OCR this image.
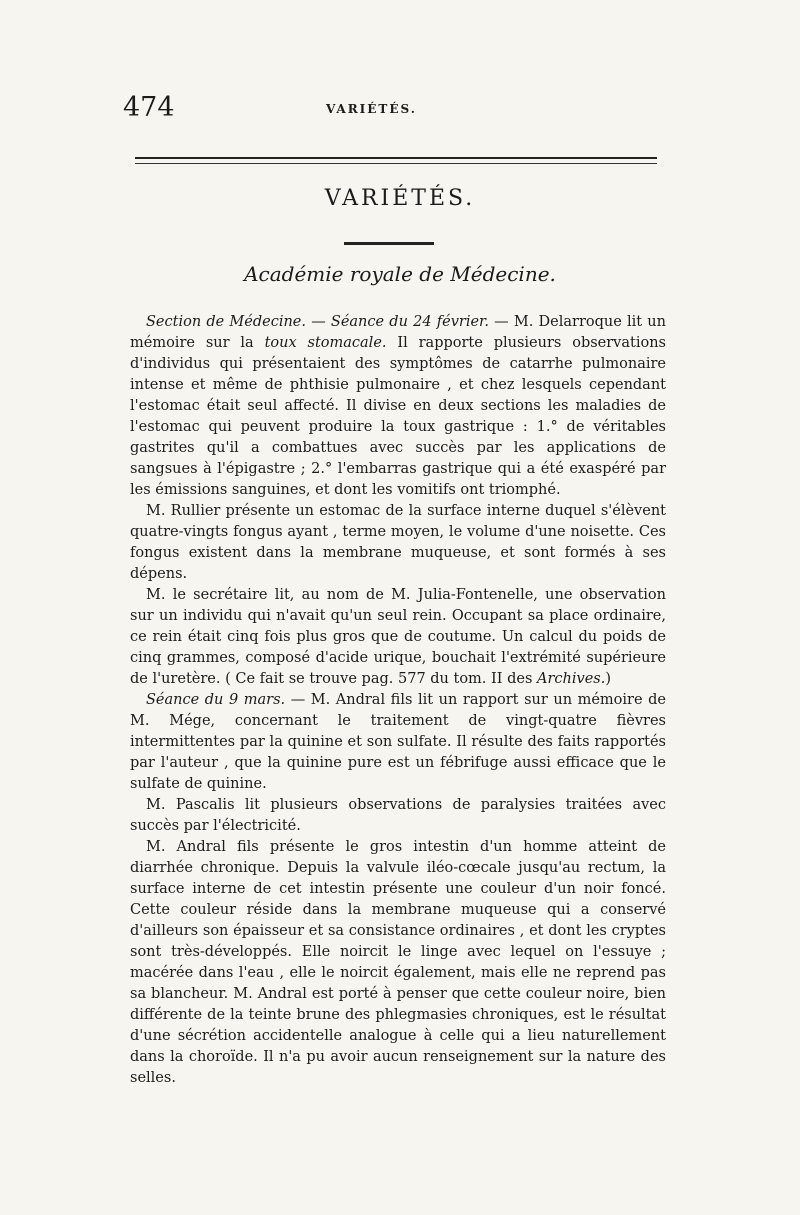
474	VARIÉTÉS.
VARIÉTÉS.
Académie royale de Médecine.

Section de Médecine. — Séance du 24 février. — M. Delarroque lit un mémoire sur la toux stomacale. Il rapporte plusieurs observations d'individus qui présentaient des symptômes de catarrhe pulmonaire intense et même de phthisie pulmonaire , et chez lesquels cependant l'estomac était seul affecté. Il divise en deux sections les maladies de l'estomac qui peuvent produire la toux gastrique : 1.° de véritables gastrites qu'il a combattues avec succès par les applications de sangsues à l'épigastre ; 2.° l'embarras gastrique qui a été exaspéré par les émissions sanguines, et dont les vomitifs ont triomphé.

M. Rullier présente un estomac de la surface interne duquel s'élèvent quatre-vingts fongus ayant , terme moyen, le volume d'une noisette. Ces fongus existent dans la membrane muqueuse, et sont formés à ses dépens.

M. le secrétaire lit, au nom de M. Julia-Fontenelle, une observation sur un individu qui n'avait qu'un seul rein. Occupant sa place ordinaire, ce rein était cinq fois plus gros que de coutume. Un calcul du poids de cinq grammes, composé d'acide urique, bouchait l'extrémité supérieure de l'uretère. ( Ce fait se trouve pag. 577 du tom. II des Archives.)

Séance du 9 mars. — M. Andral fils lit un rapport sur un mémoire de M. Mége, concernant le traitement de vingt-quatre fièvres intermittentes par la quinine et son sulfate. Il résulte des faits rapportés par l'auteur , que la quinine pure est un fébrifuge aussi efficace que le sulfate de quinine.

M. Pascalis lit plusieurs observations de paralysies traitées avec succès par l'électricité.

M. Andral fils présente le gros intestin d'un homme atteint de diarrhée chronique. Depuis la valvule iléo-cœcale jusqu'au rectum, la surface interne de cet intestin présente une couleur d'un noir foncé. Cette couleur réside dans la membrane muqueuse qui a conservé d'ailleurs son épaisseur et sa consistance ordinaires , et dont les cryptes sont très-développés. Elle noircit le linge avec lequel on l'essuye ; macérée dans l'eau , elle le noircit également, mais elle ne reprend pas sa blancheur. M. Andral est porté à penser que cette couleur noire, bien différente de la teinte brune des phlegmasies chroniques, est le résultat d'une sécrétion accidentelle analogue à celle qui a lieu naturellement dans la choroïde. Il n'a pu avoir aucun renseignement sur la nature des selles.
